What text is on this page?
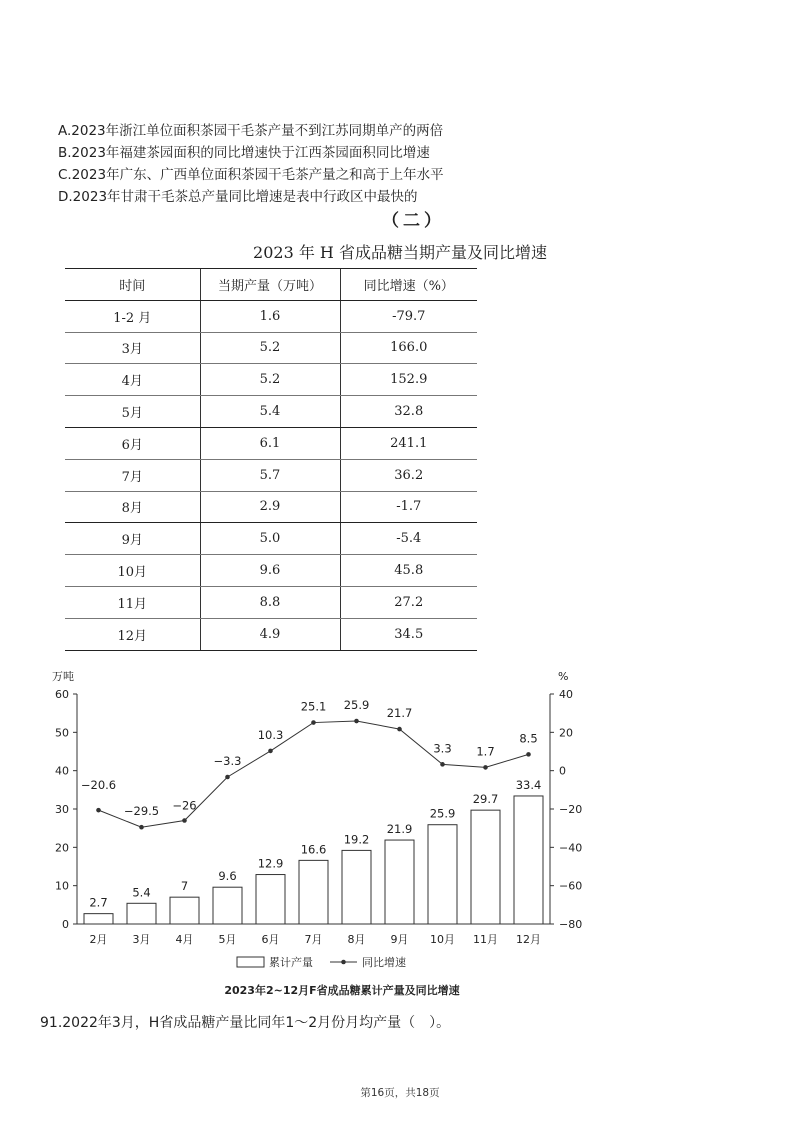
A.2023年浙江单位面积茶园干毛茶产量不到江苏同期单产的两倍
B.2023年福建茶园面积的同比增速快于江西茶园面积同比增速
C.2023年广东、广西单位面积茶园干毛茶产量之和高于上年水平
D.2023年甘肃干毛茶总产量同比增速是表中行政区中最快的
（二）
2023 年 H 省成品糖当期产量及同比增速
时间	当期产量（万吨）	同比增速（%）
1-2 月	1.6	-79.7
3月	5.2	166.0
4月	5.2	152.9
5月	5.4	32.8
6月	6.1	241.1
7月	5.7	36.2
8月	2.9	-1.7
9月	5.0	-5.4
10月	9.6	45.8
11月	8.8	27.2
12月	4.9	34.5
0
10
20
30
40
50
60
−80
−60
−40
−20
0
20
40
万吨	%
2.7
5.4	7
9.6
12.9
16.6
19.2
21.9
25.9
29.7
33.4
−20.6
−29.5 −26
−3.3
10.3
25.1 25.9
21.7
3.3 1.7
8.5
2月 3月 4月 5月 6月 7月 8月 9月 10月 11月 12月
累计产量	同比增速
2023年2~12月F省成品糖累计产量及同比增速
91.2022年3月，H省成品糖产量比同年1～2月份月均产量（　）。
第16页，共18页
